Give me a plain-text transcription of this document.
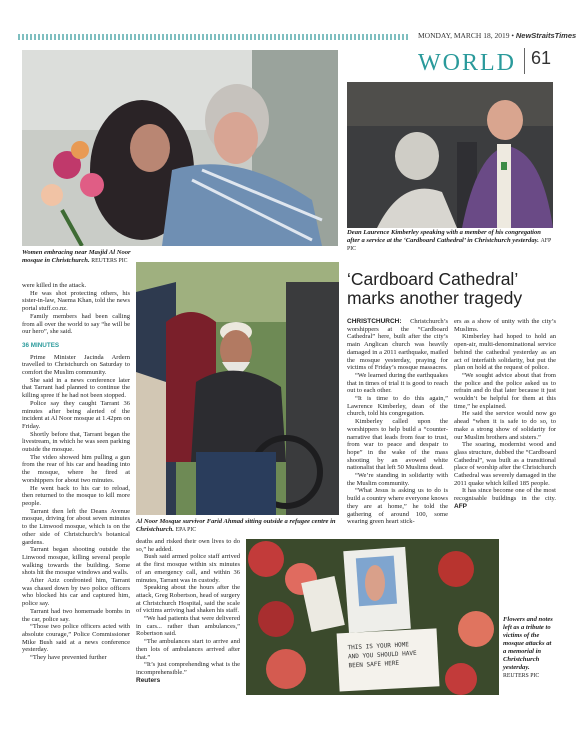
MONDAY, MARCH 18, 2019 • NewStraitsTimes
WORLD 61
Women embracing near Masjid Al Noor mosque in Christchurch. REUTERS PIC
Dean Laurence Kimberley speaking with a member of his congregation after a service at the ‘Cardboard Cathedral’ in Christchurch yesterday. AFP PIC
Al Noor Mosque survivor Farid Ahmad sitting outside a refugee centre in Christchurch. EPA PIC
THIS IS YOUR HOME
AND YOU SHOULD HAVE
BEEN SAFE HERE
Flowers and notes left as a tribute to victims of the mosque attacks at a memorial in Christchurch yesterday. REUTERS PIC

were killed in the attack.

He was shot protecting others, his sister-in-law, Naema Khan, told the news portal stuff.co.nz.

Family members had been calling from all over the world to say “he will be our hero”, she said.

36 MINUTES

Prime Minister Jacinda Ardern travelled to Christchurch on Saturday to comfort the Muslim community.

She said in a news conference later that Tarrant had planned to continue the killing spree if he had not been stopped.

Police say they caught Tarrant 36 minutes after being alerted of the incident at Al Noor mosque at 1.42pm on Friday.

Shortly before that, Tarrant began the livestream, in which he was seen parking outside the mosque.

The video showed him pulling a gun from the rear of his car and heading into the mosque, where he fired at worshippers for about two minutes.

He went back to his car to reload, then returned to the mosque to kill more people.

Tarrant then left the Deans Avenue mosque, driving for about seven minutes to the Linwood mosque, which is on the other side of Christchurch’s botanical gardens.

Tarrant began shooting outside the Linwood mosque, killing several people walking towards the building. Some shots hit the mosque windows and walls.

After Aziz confronted him, Tarrant was chased down by two police officers who blocked his car and captured him, police say.

Tarrant had two homemade bombs in the car, police say.

“Those two police officers acted with absolute courage,” Police Commissioner Mike Bush said at a news conference yesterday.

“They have prevented further

deaths and risked their own lives to do so,” he added.

Bush said armed police staff arrived at the first mosque within six minutes of an emergency call, and within 36 minutes, Tarrant was in custody.

Speaking about the hours after the attack, Greg Robertson, head of surgery at Christchurch Hospital, said the scale of victims arriving had shaken his staff.

“We had patients that were delivered in cars... rather than ambulances,” Robertson said.

“The ambulances start to arrive and then lots of ambulances arrived after that.”

“It’s just comprehending what is the incomprehensible.”

Reuters
‘Cardboard Cathedral’ marks another tragedy

CHRISTCHURCH: Christchurch’s worshippers at the “Cardboard Cathedral” here, built after the city’s main Anglican church was heavily damaged in a 2011 earthquake, mailed the mosque yesterday, praying for victims of Friday’s mosque massacres.

“We learned during the earthquakes that in times of trial it is good to reach out to each other.

“It is time to do this again,” Lawrence Kimberley, dean of the church, told his congregation.

Kimberley called upon the worshippers to help build a “counter-narrative that leads from fear to trust, from war to peace and despair to hope” in the wake of the mass shooting by an avowed white nationalist that left 50 Muslims dead.

“We’re standing in solidarity with the Muslim community.

“What Jesus is asking us to do is build a country where everyone knows they are at home,” he told the gathering of around 100, some wearing green heart stick-

ers as a show of unity with the city’s Muslims.

Kimberley had hoped to hold an open-air, multi-denominational service behind the cathedral yesterday as an act of interfaith solidarity, but put the plan on hold at the request of police.

“We sought advice about that from the police and the police asked us to refrain and do that later because it just wouldn’t be helpful for them at this time,” he explained.

He said the service would now go ahead “when it is safe to do so, to make a strong show of solidarity for our Muslim brothers and sisters.”

The soaring, modernist wood and glass structure, dubbed the “Cardboard Cathedral”, was built as a transitional place of worship after the Christchurch Cathedral was severely damaged in the 2011 quake which killed 185 people.

It has since become one of the most recognisable buildings in the city. AFP
